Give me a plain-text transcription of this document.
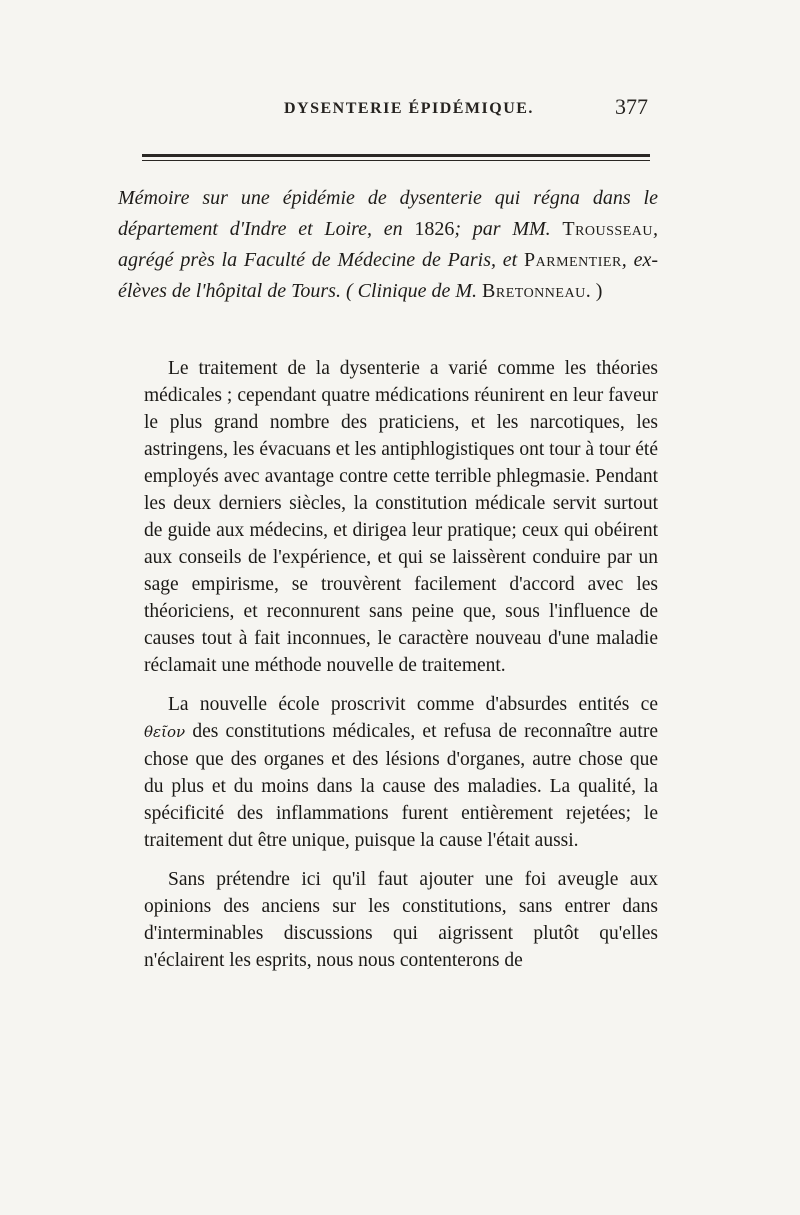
DYSENTERIE ÉPIDÉMIQUE.	377
Mémoire sur une épidémie de dysenterie qui régna dans le département d'Indre et Loire, en 1826; par MM. Trousseau, agrégé près la Faculté de Médecine de Paris, et Parmentier, ex-élèves de l'hôpital de Tours. ( Clinique de M. Bretonneau. )

Le traitement de la dysenterie a varié comme les théories médicales ; cependant quatre médications réunirent en leur faveur le plus grand nombre des praticiens, et les narcotiques, les astringens, les évacuans et les antiphlogistiques ont tour à tour été employés avec avantage contre cette terrible phlegmasie. Pendant les deux derniers siècles, la constitution médicale servit surtout de guide aux médecins, et dirigea leur pratique; ceux qui obéirent aux conseils de l'expérience, et qui se laissèrent conduire par un sage empirisme, se trouvèrent facilement d'accord avec les théoriciens, et reconnurent sans peine que, sous l'influence de causes tout à fait inconnues, le caractère nouveau d'une maladie réclamait une méthode nouvelle de traitement.

La nouvelle école proscrivit comme d'absurdes entités ce θεῖον des constitutions médicales, et refusa de reconnaître autre chose que des organes et des lésions d'organes, autre chose que du plus et du moins dans la cause des maladies. La qualité, la spécificité des inflammations furent entièrement rejetées; le traitement dut être unique, puisque la cause l'était aussi.

Sans prétendre ici qu'il faut ajouter une foi aveugle aux opinions des anciens sur les constitutions, sans entrer dans d'interminables discussions qui aigrissent plutôt qu'elles n'éclairent les esprits, nous nous contenterons de
